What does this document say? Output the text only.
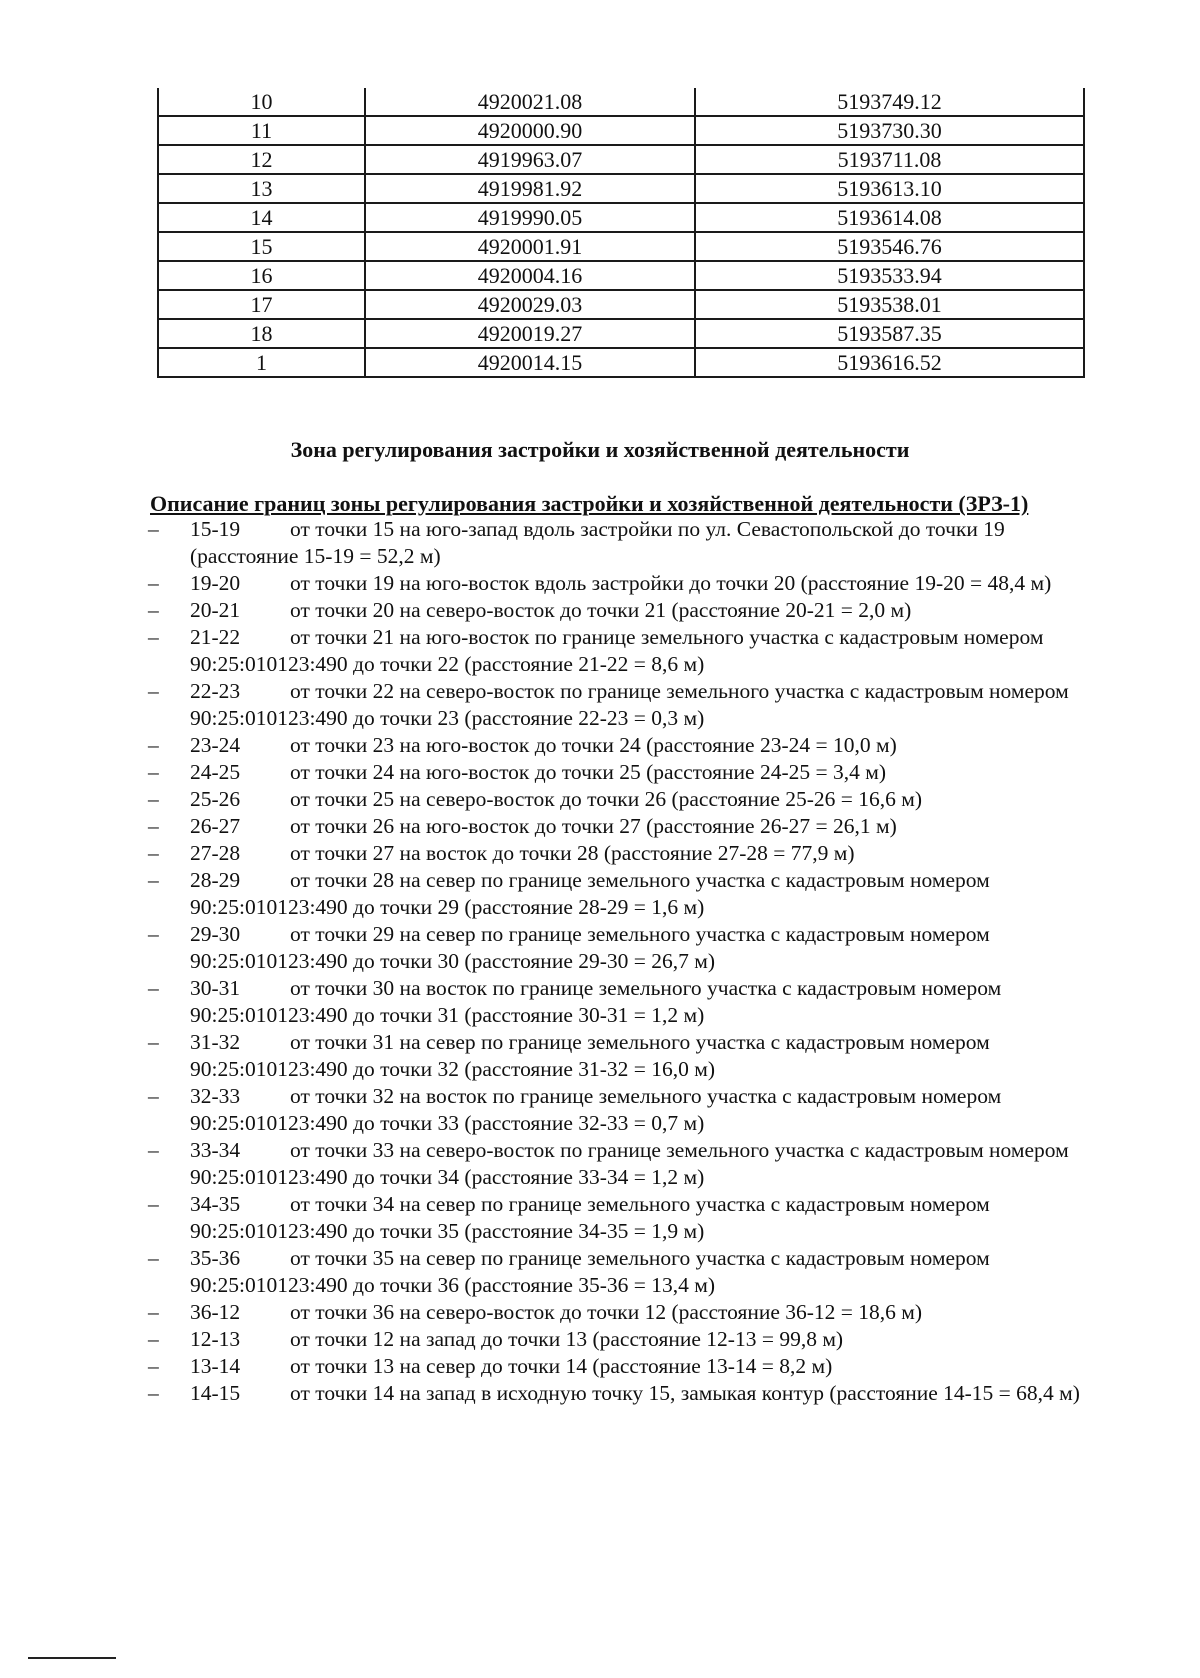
10	4920021.08	5193749.12
11	4920000.90	5193730.30
12	4919963.07	5193711.08
13	4919981.92	5193613.10
14	4919990.05	5193614.08
15	4920001.91	5193546.76
16	4920004.16	5193533.94
17	4920029.03	5193538.01
18	4920019.27	5193587.35
1	4920014.15	5193616.52
Зона регулирования застройки и хозяйственной деятельности
Описание границ зоны регулирования застройки и хозяйственной деятельности (ЗРЗ-1)
–	15-19 от точки 15 на юго-запад вдоль застройки по ул. Севастопольской до точки 19 (расстояние 15-19 = 52,2 м)
–	19-20 от точки 19 на юго-восток вдоль застройки до точки 20 (расстояние 19-20 = 48,4 м)
–	20-21 от точки 20 на северо-восток до точки 21 (расстояние 20-21 = 2,0 м)
–	21-22 от точки 21 на юго-восток по границе земельного участка с кадастровым номером 90:25:010123:490 до точки 22 (расстояние 21-22 = 8,6 м)
–	22-23 от точки 22 на северо-восток по границе земельного участка с кадастровым номером 90:25:010123:490 до точки 23 (расстояние 22-23 = 0,3 м)
–	23-24 от точки 23 на юго-восток до точки 24 (расстояние 23-24 = 10,0 м)
–	24-25 от точки 24 на юго-восток до точки 25 (расстояние 24-25 = 3,4 м)
–	25-26 от точки 25 на северо-восток до точки 26 (расстояние 25-26 = 16,6 м)
–	26-27 от точки 26 на юго-восток до точки 27 (расстояние 26-27 = 26,1 м)
–	27-28 от точки 27 на восток до точки 28 (расстояние 27-28 = 77,9 м)
–	28-29 от точки 28 на север по границе земельного участка с кадастровым номером 90:25:010123:490 до точки 29 (расстояние 28-29 = 1,6 м)
–	29-30 от точки 29 на север по границе земельного участка с кадастровым номером 90:25:010123:490 до точки 30 (расстояние 29-30 = 26,7 м)
–	30-31 от точки 30 на восток по границе земельного участка с кадастровым номером 90:25:010123:490 до точки 31 (расстояние 30-31 = 1,2 м)
–	31-32 от точки 31 на север по границе земельного участка с кадастровым номером 90:25:010123:490 до точки 32 (расстояние 31-32 = 16,0 м)
–	32-33 от точки 32 на восток по границе земельного участка с кадастровым номером 90:25:010123:490 до точки 33 (расстояние 32-33 = 0,7 м)
–	33-34 от точки 33 на северо-восток по границе земельного участка с кадастровым номером 90:25:010123:490 до точки 34 (расстояние 33-34 = 1,2 м)
–	34-35 от точки 34 на север по границе земельного участка с кадастровым номером 90:25:010123:490 до точки 35 (расстояние 34-35 = 1,9 м)
–	35-36 от точки 35 на север по границе земельного участка с кадастровым номером 90:25:010123:490 до точки 36 (расстояние 35-36 = 13,4 м)
–	36-12 от точки 36 на северо-восток до точки 12 (расстояние 36-12 = 18,6 м)
–	12-13 от точки 12 на запад до точки 13 (расстояние 12-13 = 99,8 м)
–	13-14 от точки 13 на север до точки 14 (расстояние 13-14 = 8,2 м)
–	14-15 от точки 14 на запад в исходную точку 15, замыкая контур (расстояние 14-15 = 68,4 м)
